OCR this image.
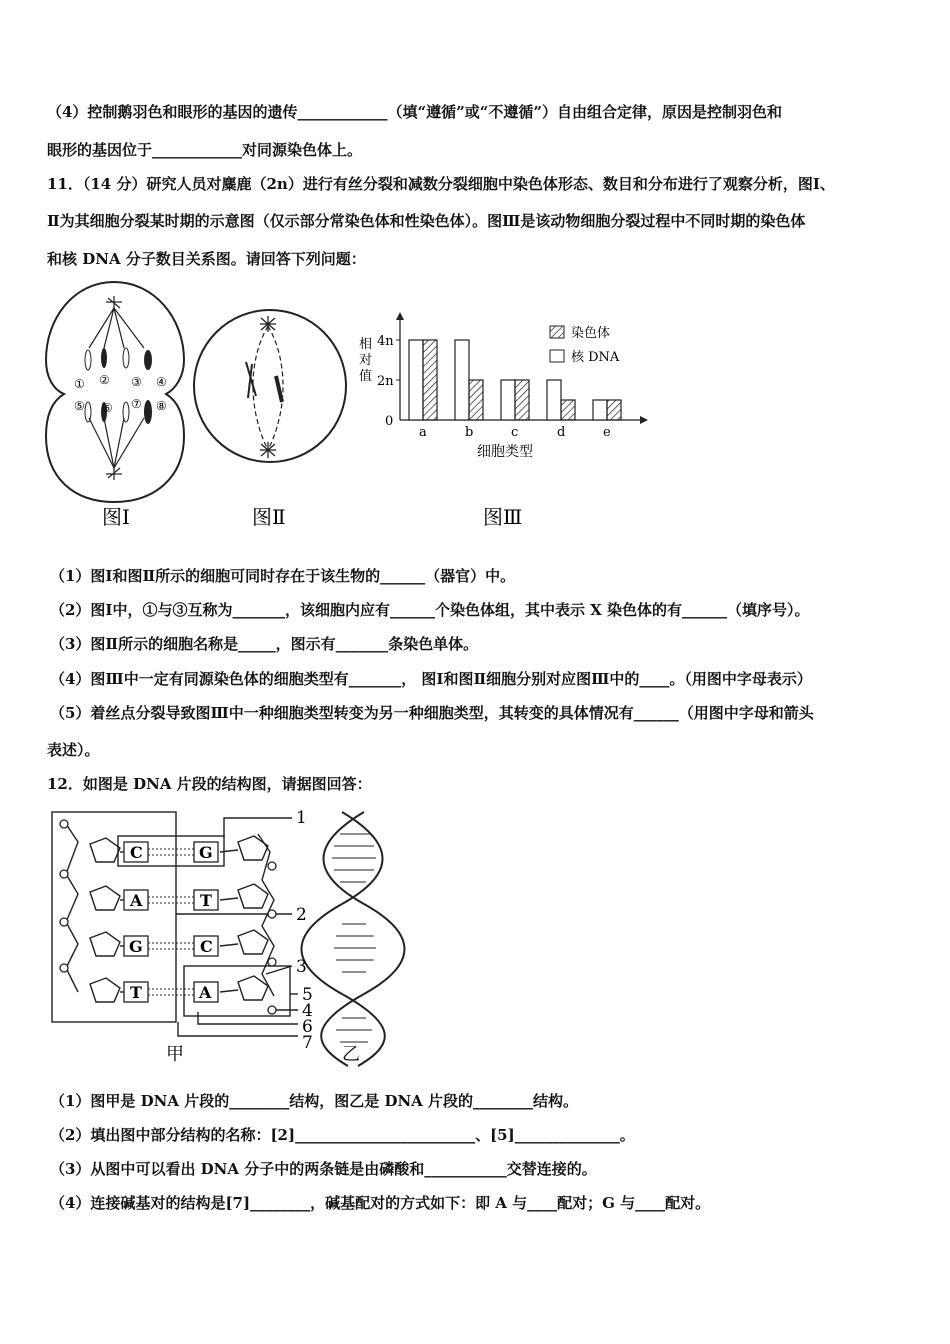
（4）控制鹅羽色和眼形的基因的遗传____________（填“遵循”或“不遵循”）自由组合定律，原因是控制羽色和
眼形的基因位于____________对同源染色体上。
11．（14 分）研究人员对麋鹿（2n）进行有丝分裂和减数分裂细胞中染色体形态、数目和分布进行了观察分析，图Ⅰ、
Ⅱ为其细胞分裂某时期的示意图（仅示部分常染色体和性染色体）。图Ⅲ是该动物细胞分裂过程中不同时期的染色体
和核 DNA 分子数目关系图。请回答下列问题：
① ② ③ ④
⑤ ⑥ ⑦ ⑧
图Ⅰ	图Ⅱ
相
对
值
0
2n
4n
a	b	c	d	e
染色体
核 DNA
细胞类型
图Ⅲ
（1）图Ⅰ和图Ⅱ所示的细胞可同时存在于该生物的______（器官）中。
（2）图Ⅰ中，①与③互称为_______，该细胞内应有______个染色体组，其中表示 X 染色体的有______（填序号）。
（3）图Ⅱ所示的细胞名称是_____，图示有_______条染色单体。
（4）图Ⅲ中一定有同源染色体的细胞类型有_______， 图Ⅰ和图Ⅱ细胞分别对应图Ⅲ中的____。（用图中字母表示）
（5）着丝点分裂导致图Ⅲ中一种细胞类型转变为另一种细胞类型，其转变的具体情况有______（用图中字母和箭头
表述）。
12．如图是 DNA 片段的结构图，请据图回答：
C	G
A	T
G	C
T	A
1
2
3
4
5
6
7
甲	乙
（1）图甲是 DNA 片段的________结构，图乙是 DNA 片段的________结构。
（2）填出图中部分结构的名称：[2]________________________、[5]______________。
（3）从图中可以看出 DNA 分子中的两条链是由磷酸和___________交替连接的。
（4）连接碱基对的结构是[7]________，碱基配对的方式如下：即 A 与____配对；G 与____配对。
